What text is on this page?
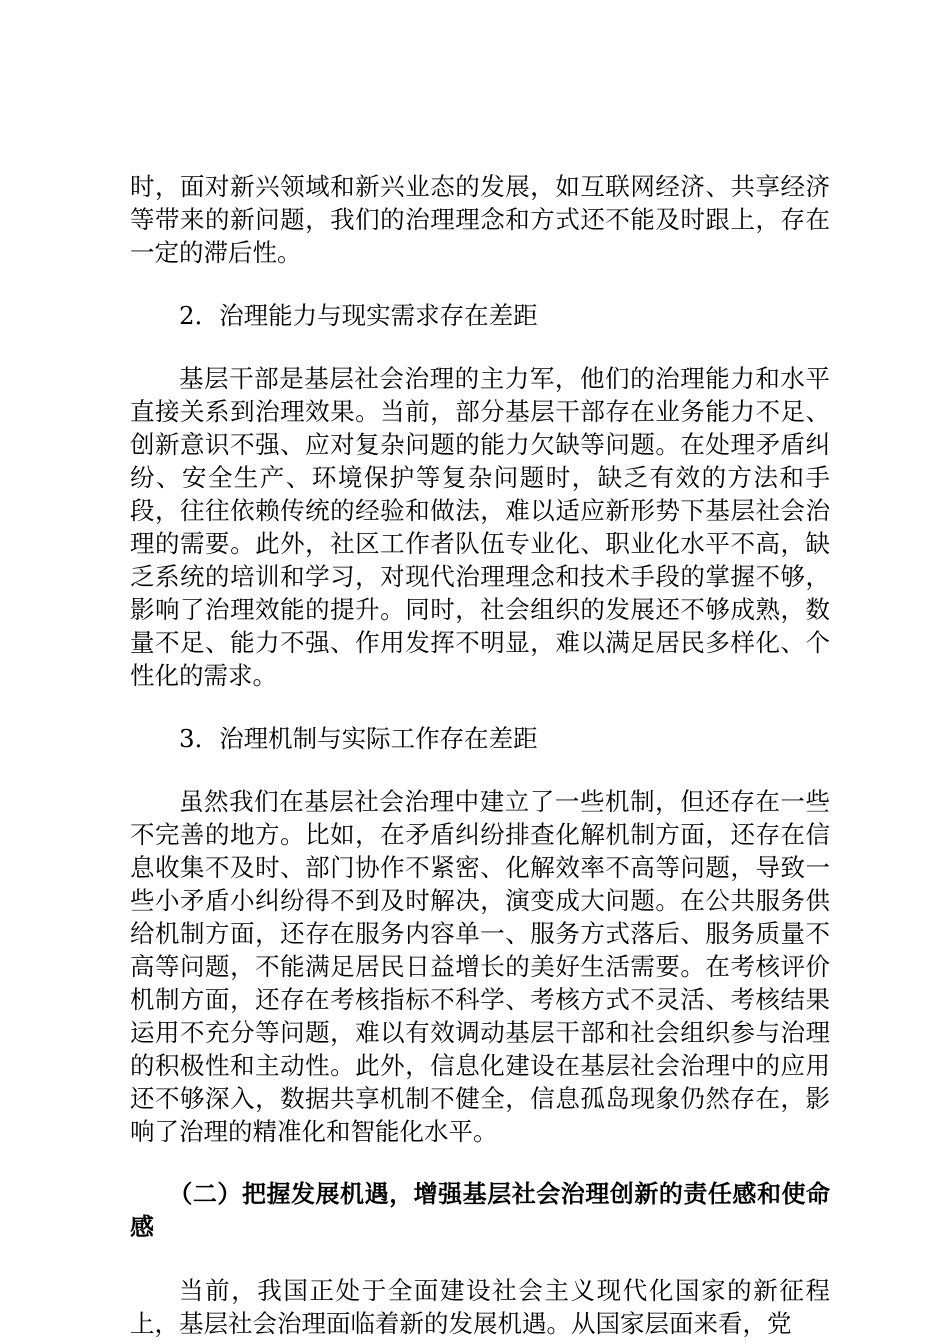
时，面对新兴领域和新兴业态的发展，如互联网经济、共享经济等带来的新问题，我们的治理理念和方式还不能及时跟上，存在一定的滞后性。

2．治理能力与现实需求存在差距

基层干部是基层社会治理的主力军，他们的治理能力和水平直接关系到治理效果。当前，部分基层干部存在业务能力不足、创新意识不强、应对复杂问题的能力欠缺等问题。在处理矛盾纠纷、安全生产、环境保护等复杂问题时，缺乏有效的方法和手段，往往依赖传统的经验和做法，难以适应新形势下基层社会治理的需要。此外，社区工作者队伍专业化、职业化水平不高，缺乏系统的培训和学习，对现代治理理念和技术手段的掌握不够，影响了治理效能的提升。同时，社会组织的发展还不够成熟，数量不足、能力不强、作用发挥不明显，难以满足居民多样化、个性化的需求。

3．治理机制与实际工作存在差距

虽然我们在基层社会治理中建立了一些机制，但还存在一些不完善的地方。比如，在矛盾纠纷排查化解机制方面，还存在信息收集不及时、部门协作不紧密、化解效率不高等问题，导致一些小矛盾小纠纷得不到及时解决，演变成大问题。在公共服务供给机制方面，还存在服务内容单一、服务方式落后、服务质量不高等问题，不能满足居民日益增长的美好生活需要。在考核评价机制方面，还存在考核指标不科学、考核方式不灵活、考核结果运用不充分等问题，难以有效调动基层干部和社会组织参与治理的积极性和主动性。此外，信息化建设在基层社会治理中的应用还不够深入，数据共享机制不健全，信息孤岛现象仍然存在，影响了治理的精准化和智能化水平。

（二）把握发展机遇，增强基层社会治理创新的责任感和使命感

当前，我国正处于全面建设社会主义现代化国家的新征程上，基层社会治理面临着新的发展机遇。从国家层面来看，党
